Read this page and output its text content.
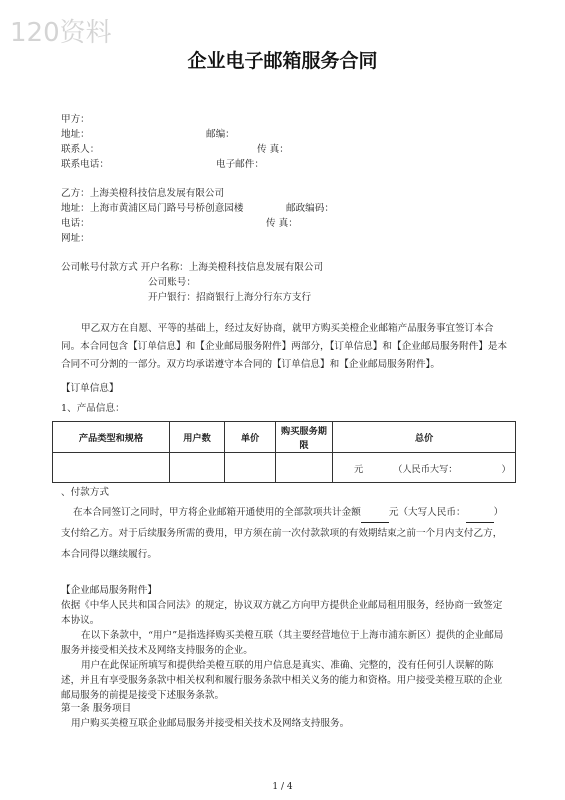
120资料
企业电子邮箱服务合同
甲方：
地址：	邮编：
联系人：	传 真：
联系电话：	电子邮件：
乙方：上海美橙科技信息发展有限公司
地址： 上海市黄浦区局门路号号桥创意园楼	邮政编码：
电话：	传 真：
网址：
公司帐号付款方式 开户名称：上海美橙科技信息发展有限公司
公司账号：
开户银行：招商银行上海分行东方支行
甲乙双方在自愿、平等的基础上，经过友好协商，就甲方购买美橙企业邮箱产品服务事宜签订本合同。本合同包含【订单信息】和【企业邮局服务附件】两部分，【订单信息】和【企业邮局服务附件】是本合同不可分割的一部分。双方均承诺遵守本合同的【订单信息】和【企业邮局服务附件】。
【订单信息】
1、产品信息：
产品类型和规格	用户数	单价	购买服务期限	总价
				元 （人民币大写： ）
、付款方式
在本合同签订之同时，甲方将企业邮箱开通使用的全部款项共计金额	元（大写人民币：	）支付给乙方。对于后续服务所需的费用，甲方须在前一次付款款项的有效期结束之前一个月内支付乙方，本合同得以继续履行。
【企业邮局服务附件】
依据《中华人民共和国合同法》的规定，协议双方就乙方向甲方提供企业邮局租用服务，经协商一致签定本协议。
在以下条款中，“用户”是指选择购买美橙互联（其主要经营地位于上海市浦东新区）提供的企业邮局服务并接受相关技术及网络支持服务的企业。
用户在此保证所填写和提供给美橙互联的用户信息是真实、准确、完整的，没有任何引人误解的陈述，并且有享受服务条款中相关权利和履行服务条款中相关义务的能力和资格。用户接受美橙互联的企业邮局服务的前提是接受下述服务条款。
第一条 服务项目
用户购买美橙互联企业邮局服务并接受相关技术及网络支持服务。
1 / 4
